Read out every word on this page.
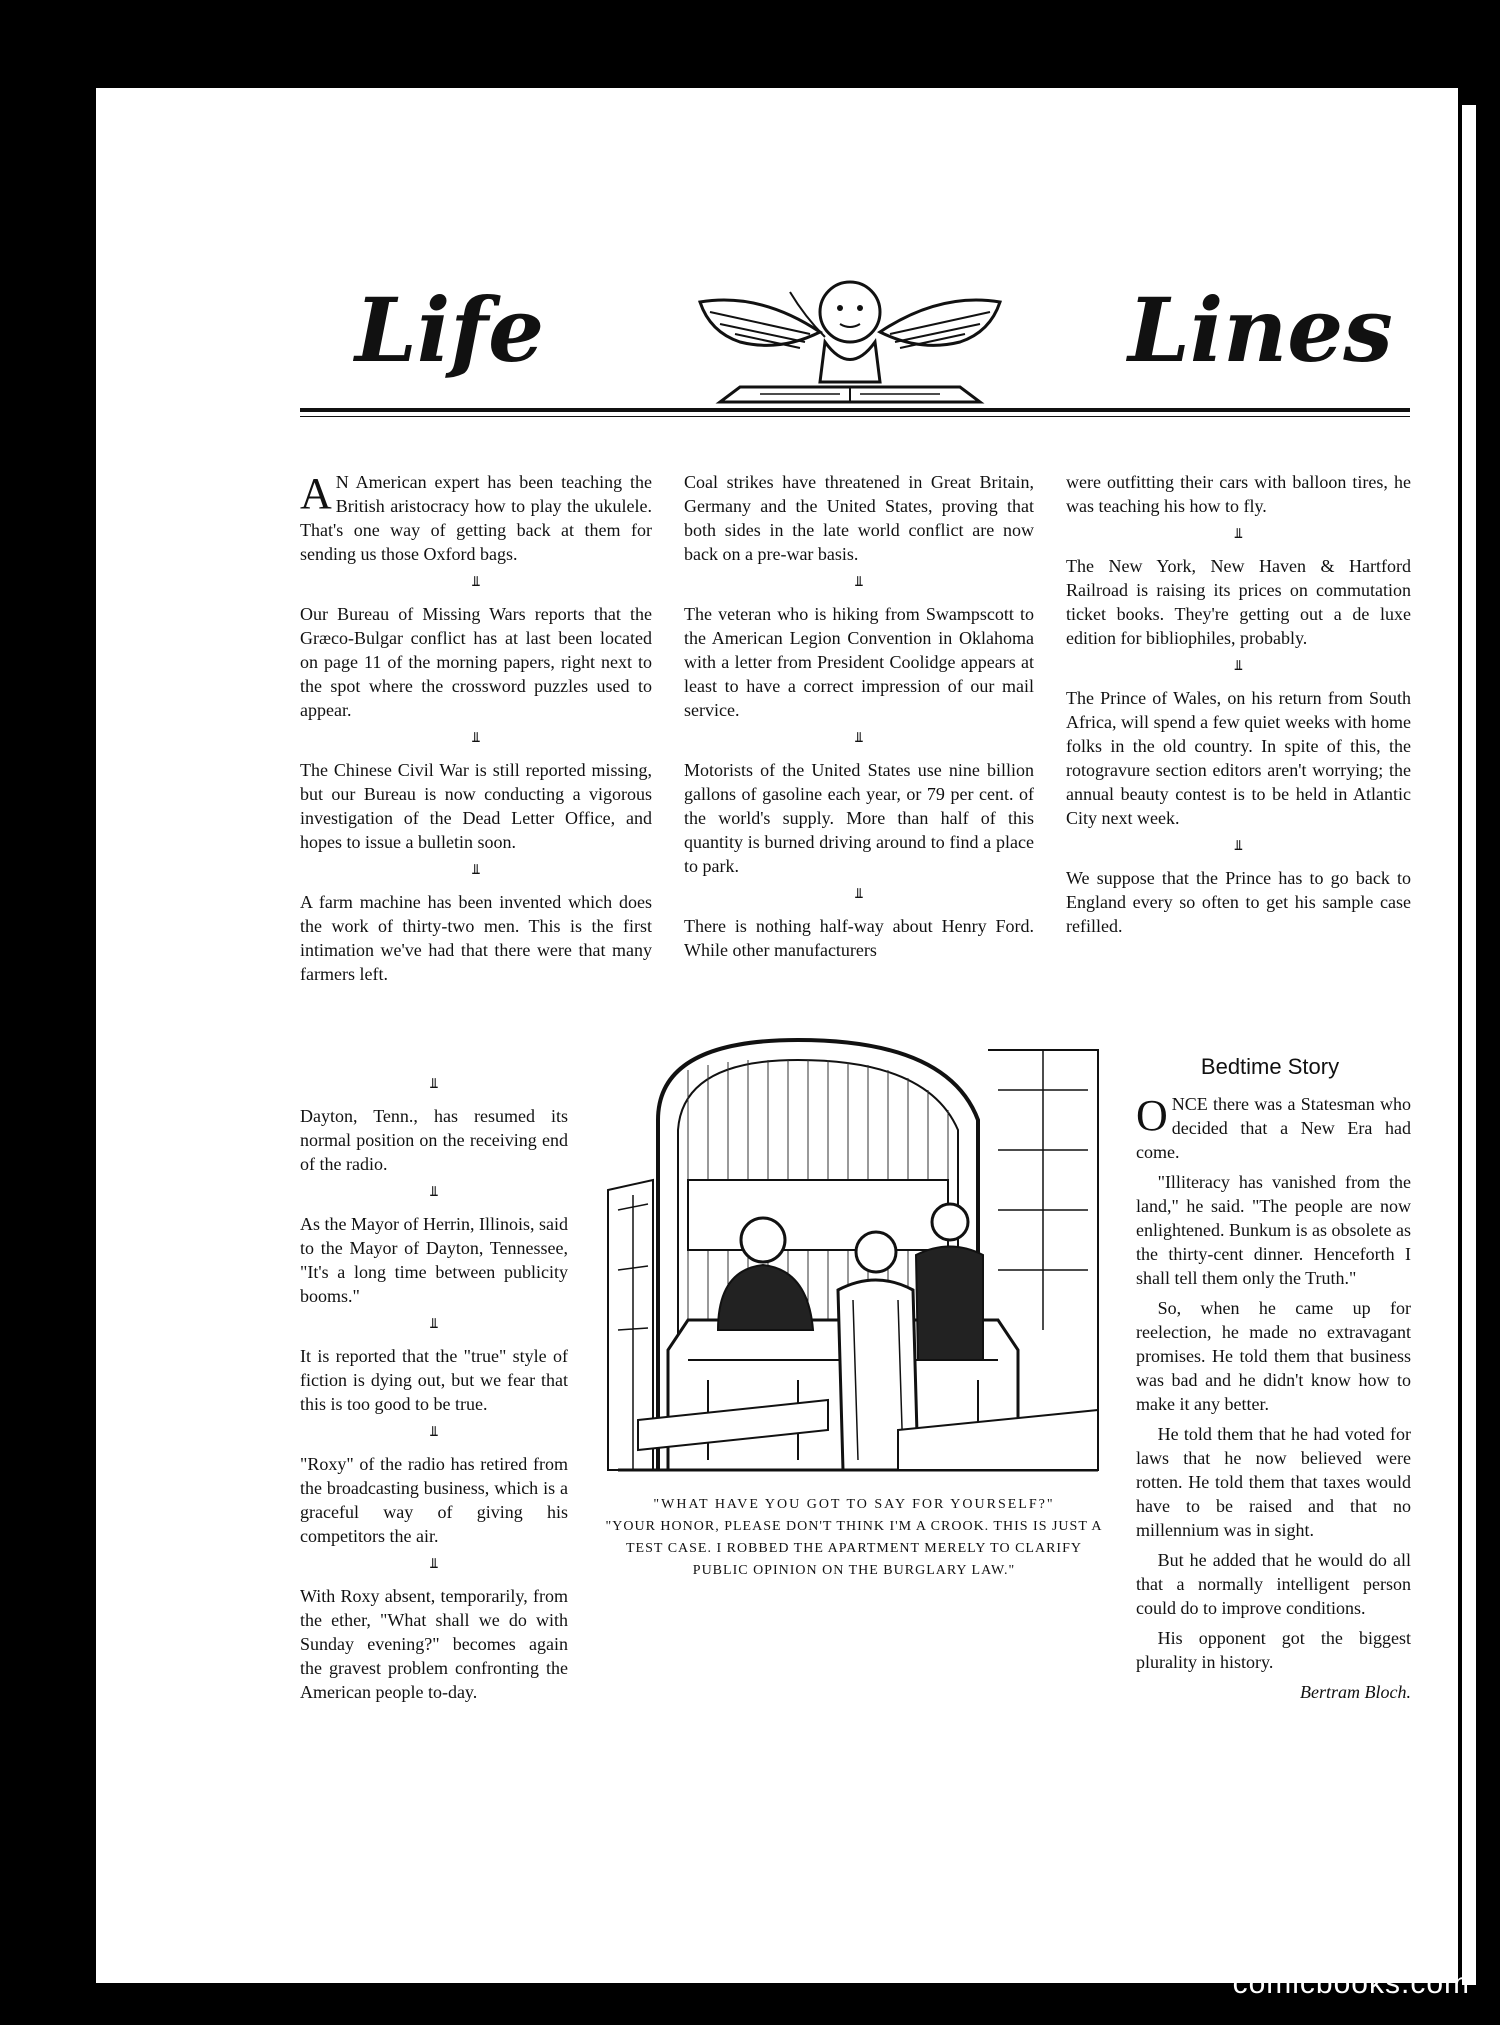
Life	Lines

A N American expert has been teaching the British aristocracy how to play the ukulele. That's one way of getting back at them for sending us those Oxford bags.

⫫

Our Bureau of Missing Wars reports that the Græco-Bulgar conflict has at last been located on page 11 of the morning papers, right next to the spot where the crossword puzzles used to appear.

⫫

The Chinese Civil War is still reported missing, but our Bureau is now conducting a vigorous investigation of the Dead Letter Office, and hopes to issue a bulletin soon.

⫫

A farm machine has been invented which does the work of thirty-two men. This is the first intimation we've had that there were that many farmers left.

⫫

Dayton, Tenn., has resumed its normal position on the receiving end of the radio.

⫫

As the Mayor of Herrin, Illinois, said to the Mayor of Dayton, Tennessee, "It's a long time between publicity booms."

⫫

It is reported that the "true" style of fiction is dying out, but we fear that this is too good to be true.

⫫

"Roxy" of the radio has retired from the broadcasting business, which is a graceful way of giving his competitors the air.

⫫

With Roxy absent, temporarily, from the ether, "What shall we do with Sunday evening?" becomes again the gravest problem confronting the American people to-day.

Coal strikes have threatened in Great Britain, Germany and the United States, proving that both sides in the late world conflict are now back on a pre-war basis.

⫫

The veteran who is hiking from Swampscott to the American Legion Convention in Oklahoma with a letter from President Coolidge appears at least to have a correct impression of our mail service.

⫫

Motorists of the United States use nine billion gallons of gasoline each year, or 79 per cent. of the world's supply. More than half of this quantity is burned driving around to find a place to park.

⫫

There is nothing half-way about Henry Ford. While other manufacturers

were outfitting their cars with balloon tires, he was teaching his how to fly.

⫫

The New York, New Haven & Hartford Railroad is raising its prices on commutation ticket books. They're getting out a de luxe edition for bibliophiles, probably.

⫫

The Prince of Wales, on his return from South Africa, will spend a few quiet weeks with home folks in the old country. In spite of this, the rotogravure section editors aren't worrying; the annual beauty contest is to be held in Atlantic City next week.

⫫

We suppose that the Prince has to go back to England every so often to get his sample case refilled.

"WHAT HAVE YOU GOT TO SAY FOR YOURSELF?"
"YOUR HONOR, PLEASE DON'T THINK I'M A CROOK. THIS IS JUST A TEST CASE. I ROBBED THE APARTMENT MERELY TO CLARIFY PUBLIC OPINION ON THE BURGLARY LAW."
Bedtime Story

ONCE there was a Statesman who decided that a New Era had come.

"Illiteracy has vanished from the land," he said. "The people are now enlightened. Bunkum is as obsolete as the thirty-cent dinner. Henceforth I shall tell them only the Truth."

So, when he came up for reelection, he made no extravagant promises. He told them that business was bad and he didn't know how to make it any better.

He told them that he had voted for laws that he now believed were rotten. He told them that taxes would have to be raised and that no millennium was in sight.

But he added that he would do all that a normally intelligent person could do to improve conditions.

His opponent got the biggest plurality in history.

Bertram Bloch.

comicbooks.com
